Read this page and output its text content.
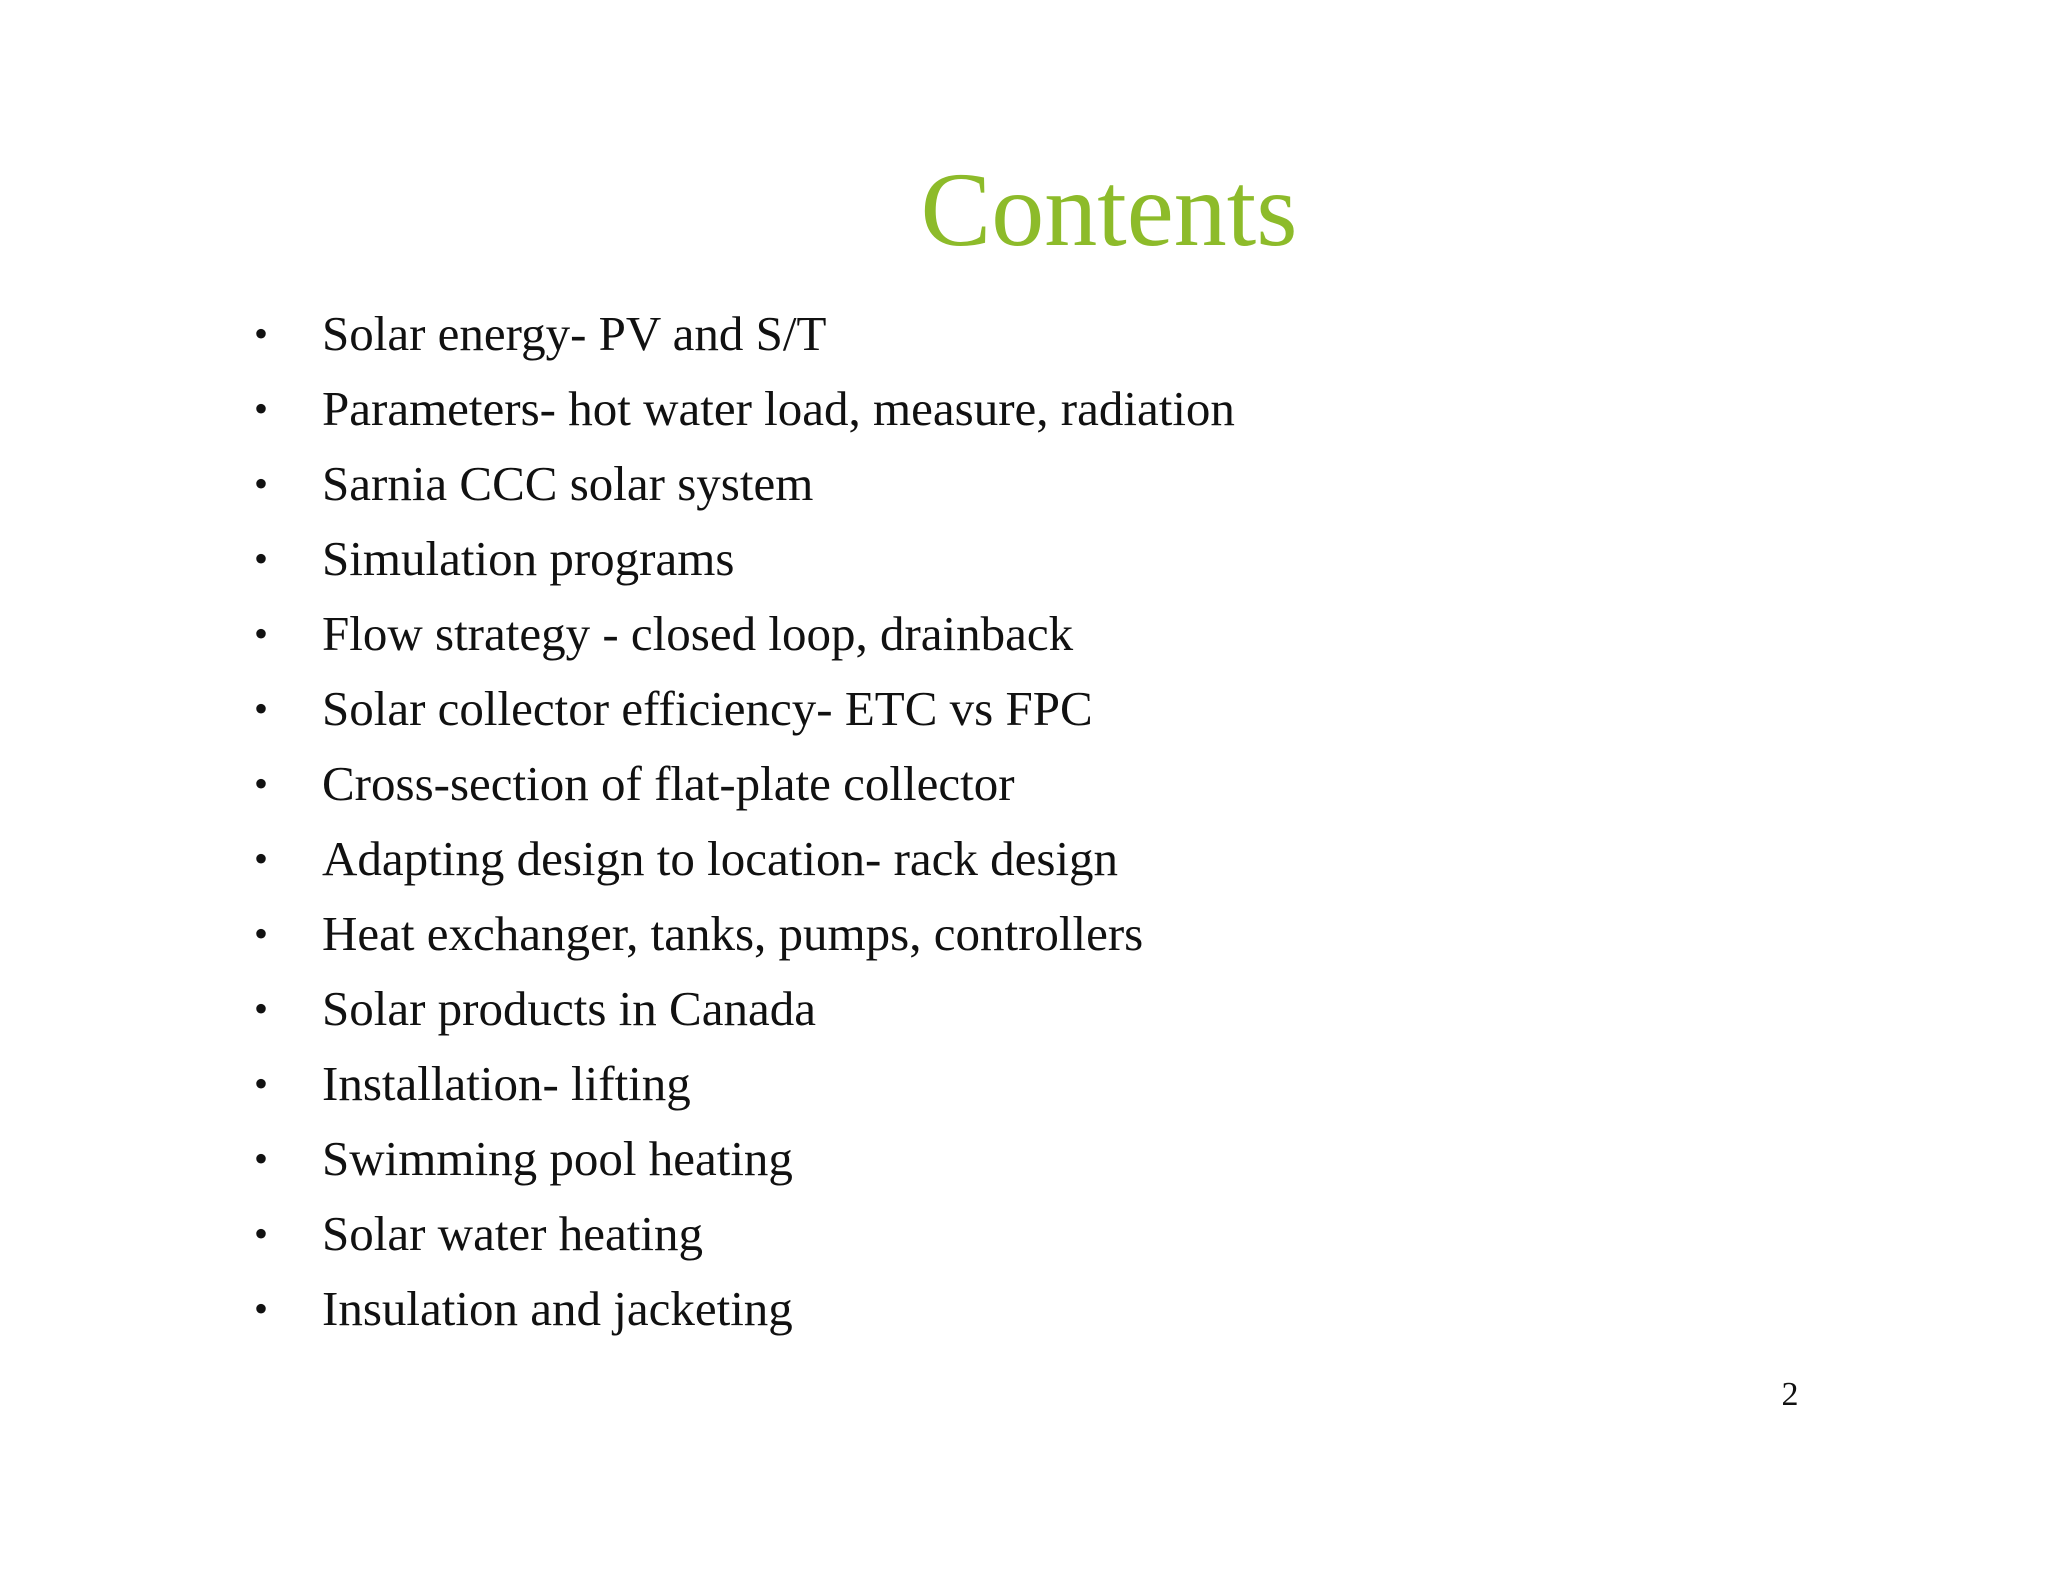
Contents
• Solar energy- PV and S/T
• Parameters- hot water load, measure, radiation
• Sarnia CCC solar system
• Simulation programs
• Flow strategy - closed loop, drainback
• Solar collector efficiency- ETC vs FPC
• Cross-section of flat-plate collector
• Adapting design to location- rack design
• Heat exchanger, tanks, pumps, controllers
• Solar products in Canada
• Installation- lifting
• Swimming pool heating
• Solar water heating
• Insulation and jacketing
2
